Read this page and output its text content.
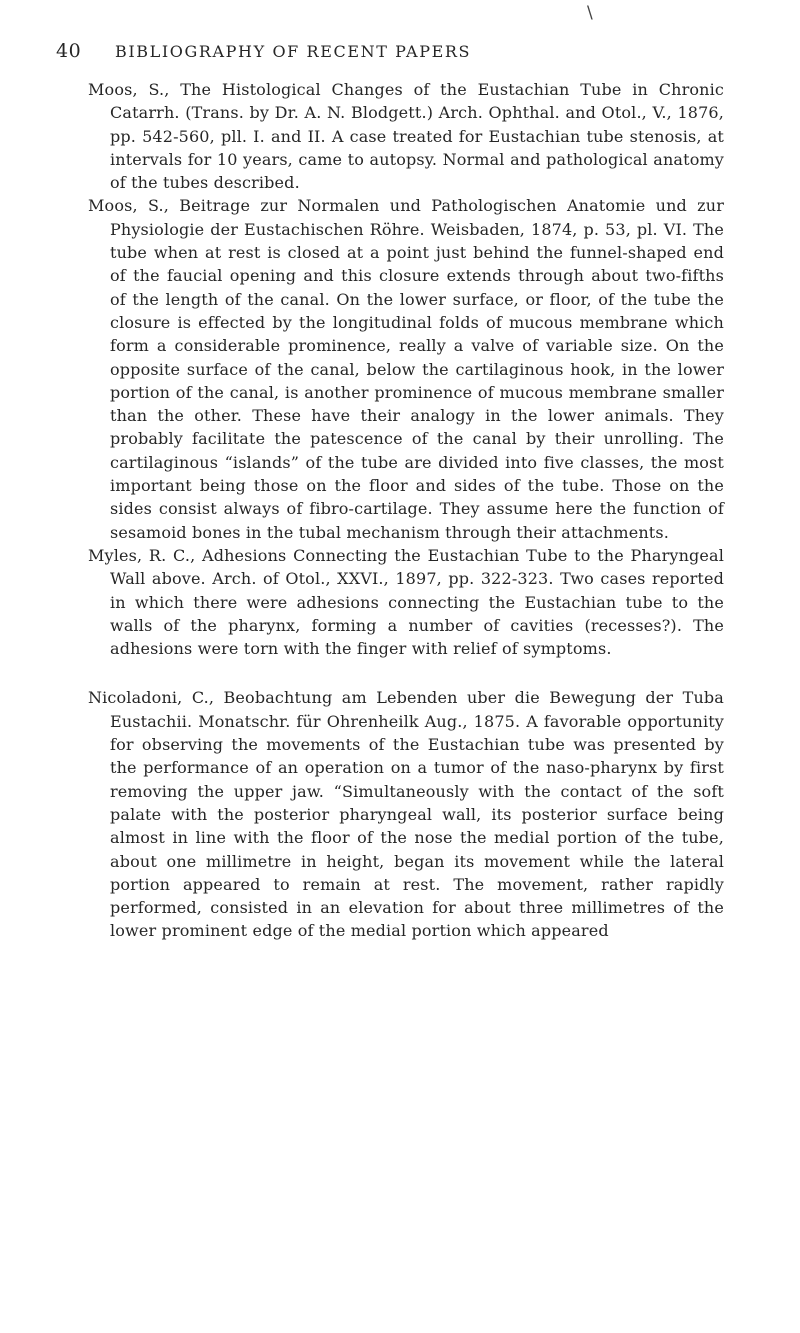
\
40 BIBLIOGRAPHY OF RECENT PAPERS

Moos, S., The Histological Changes of the Eustachian Tube in Chronic Catarrh. (Trans. by Dr. A. N. Blodgett.) Arch. Ophthal. and Otol., V., 1876, pp. 542-560, pll. I. and II. A case treated for Eustachian tube stenosis, at intervals for 10 years, came to autopsy. Normal and pathological anatomy of the tubes described.

Moos, S., Beitrage zur Normalen und Pathologischen Anatomie und zur Physiologie der Eustachischen Röhre. Weisbaden, 1874, p. 53, pl. VI. The tube when at rest is closed at a point just behind the funnel-shaped end of the faucial opening and this closure extends through about two-fifths of the length of the canal. On the lower surface, or floor, of the tube the closure is effected by the longitudinal folds of mucous membrane which form a considerable prominence, really a valve of variable size. On the opposite surface of the canal, below the cartilaginous hook, in the lower portion of the canal, is another prominence of mucous membrane smaller than the other. These have their analogy in the lower animals. They probably facilitate the patescence of the canal by their unrolling. The cartilaginous “islands” of the tube are divided into five classes, the most important being those on the floor and sides of the tube. Those on the sides consist always of fibro-cartilage. They assume here the function of sesamoid bones in the tubal mechanism through their attachments.

Myles, R. C., Adhesions Connecting the Eustachian Tube to the Pharyngeal Wall above. Arch. of Otol., XXVI., 1897, pp. 322-323. Two cases reported in which there were adhesions connecting the Eustachian tube to the walls of the pharynx, forming a number of cavities (recesses?). The adhesions were torn with the finger with relief of symptoms.

Nicoladoni, C., Beobachtung am Lebenden uber die Bewegung der Tuba Eustachii. Monatschr. für Ohrenheilk Aug., 1875. A favorable opportunity for observing the movements of the Eustachian tube was presented by the performance of an operation on a tumor of the naso-pharynx by first removing the upper jaw. “Simultaneously with the contact of the soft palate with the posterior pharyngeal wall, its posterior surface being almost in line with the floor of the nose the medial portion of the tube, about one millimetre in height, began its movement while the lateral portion appeared to remain at rest. The movement, rather rapidly performed, consisted in an elevation for about three millimetres of the lower prominent edge of the medial portion which appeared
